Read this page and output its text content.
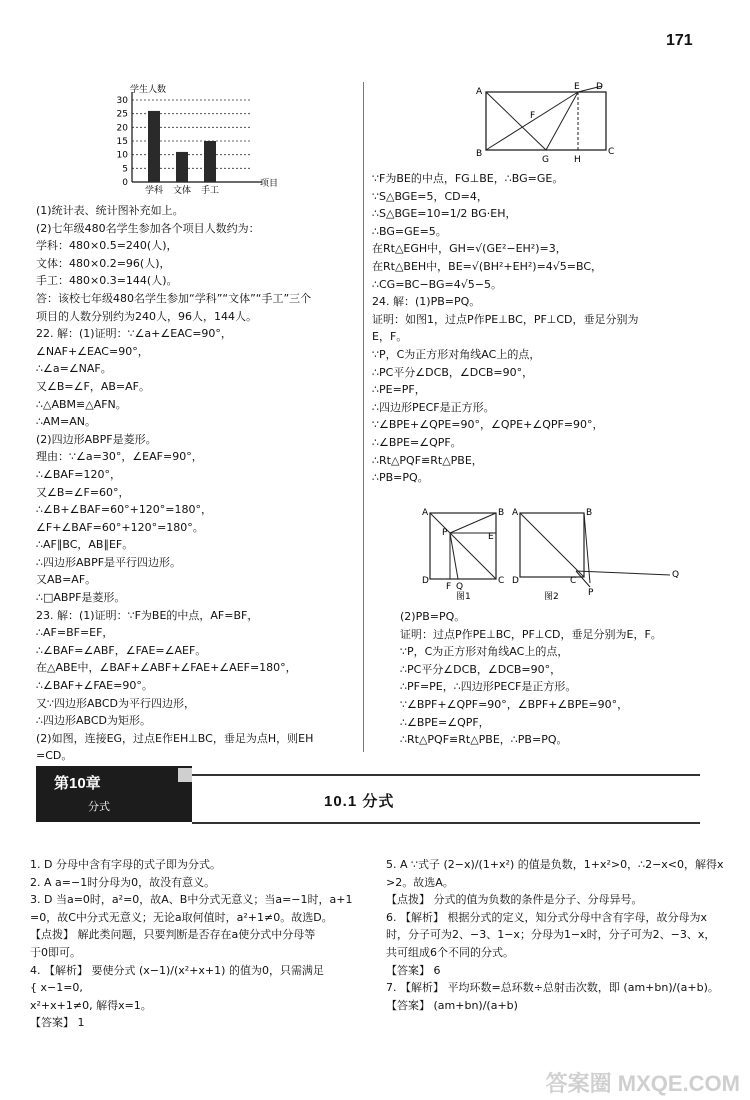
171
0
5
10
15
20
25
30
学生人数
项目
学科 文体 手工
A	E D
B
G	H
C
F
(1)统计表、统计图补充如上。
(2)七年级480名学生参加各个项目人数约为：
学科：480×0.5=240(人)，
文体：480×0.2=96(人)，
手工：480×0.3=144(人)。
答：该校七年级480名学生参加“学科”“文体”“手工”三个
项目的人数分别约为240人，96人，144人。
22. 解：(1)证明：∵∠a+∠EAC=90°，
∠NAF+∠EAC=90°，
∴∠a=∠NAF。
又∠B=∠F，AB=AF。
∴△ABM≌△AFN。
∴AM=AN。
(2)四边形ABPF是菱形。
理由：∵∠a=30°，∠EAF=90°，
∴∠BAF=120°，
又∠B=∠F=60°，
∴∠B+∠BAF=60°+120°=180°，
∠F+∠BAF=60°+120°=180°。
∴AF∥BC，AB∥EF。
∴四边形ABPF是平行四边形。
又AB=AF。
∴□ABPF是菱形。
23. 解：(1)证明：∵F为BE的中点，AF=BF，
∴AF=BF=EF，
∴∠BAF=∠ABF，∠FAE=∠AEF。
在△ABE中，∠BAF+∠ABF+∠FAE+∠AEF=180°，
∴∠BAF+∠FAE=90°。
又∵四边形ABCD为平行四边形，
∴四边形ABCD为矩形。
(2)如图，连接EG，过点E作EH⊥BC，垂足为点H，则EH
=CD。
∵F为BE的中点，FG⊥BE，∴BG=GE。
∵S△BGE=5，CD=4，
∴S△BGE=10=1/2 BG·EH，
∴BG=GE=5。
在Rt△EGH中，GH=√(GE²−EH²)=3，
在Rt△BEH中，BE=√(BH²+EH²)=4√5=BC，
∴CG=BC−BG=4√5−5。
24. 解：(1)PB=PQ。
证明：如图1，过点P作PE⊥BC，PF⊥CD，垂足分别为
E，F。
∵P，C为正方形对角线AC上的点，
∴PC平分∠DCB，∠DCB=90°，
∴PE=PF，
∴四边形PECF是正方形。
∵∠BPE+∠QPE=90°，∠QPE+∠QPF=90°，
∴∠BPE=∠QPF。
∴Rt△PQF≌Rt△PBE，
∴PB=PQ。
A	B
D	C
P	E
F Q
图1
A	B
D	C
Q
P
图2
(2)PB=PQ。
证明：过点P作PE⊥BC，PF⊥CD，垂足分别为E，F。
∵P，C为正方形对角线AC上的点，
∴PC平分∠DCB，∠DCB=90°，
∴PF=PE，∴四边形PECF是正方形。
∵∠BPF+∠QPF=90°，∠BPF+∠BPE=90°，
∴∠BPE=∠QPF，
∴Rt△PQF≌Rt△PBE，∴PB=PQ。
第10章
分式	10.1 分式
1. D 分母中含有字母的式子即为分式。
2. A a=−1时分母为0，故没有意义。
3. D 当a=0时，a²=0，故A、B中分式无意义；当a=−1时，a+1
=0，故C中分式无意义；无论a取何值时，a²+1≠0。故选D。
【点拨】 解此类问题，只要判断是否存在a使分式中分母等
于0即可。
4. 【解析】 要使分式 (x−1)/(x²+x+1) 的值为0，只需满足
{ x−1=0,
x²+x+1≠0, 解得x=1。
【答案】 1
5. A ∵式子 (2−x)/(1+x²) 的值是负数，1+x²>0，∴2−x<0，解得x
>2。故选A。
【点拨】 分式的值为负数的条件是分子、分母异号。
6. 【解析】 根据分式的定义，知分式分母中含有字母，故分母为x
时，分子可为2、−3、1−x；分母为1−x时，分子可为2、−3、x，
共可组成6个不同的分式。
【答案】 6
7. 【解析】 平均环数=总环数÷总射击次数，即 (am+bn)/(a+b)。
【答案】 (am+bn)/(a+b)
答案圈 MXQE.COM
